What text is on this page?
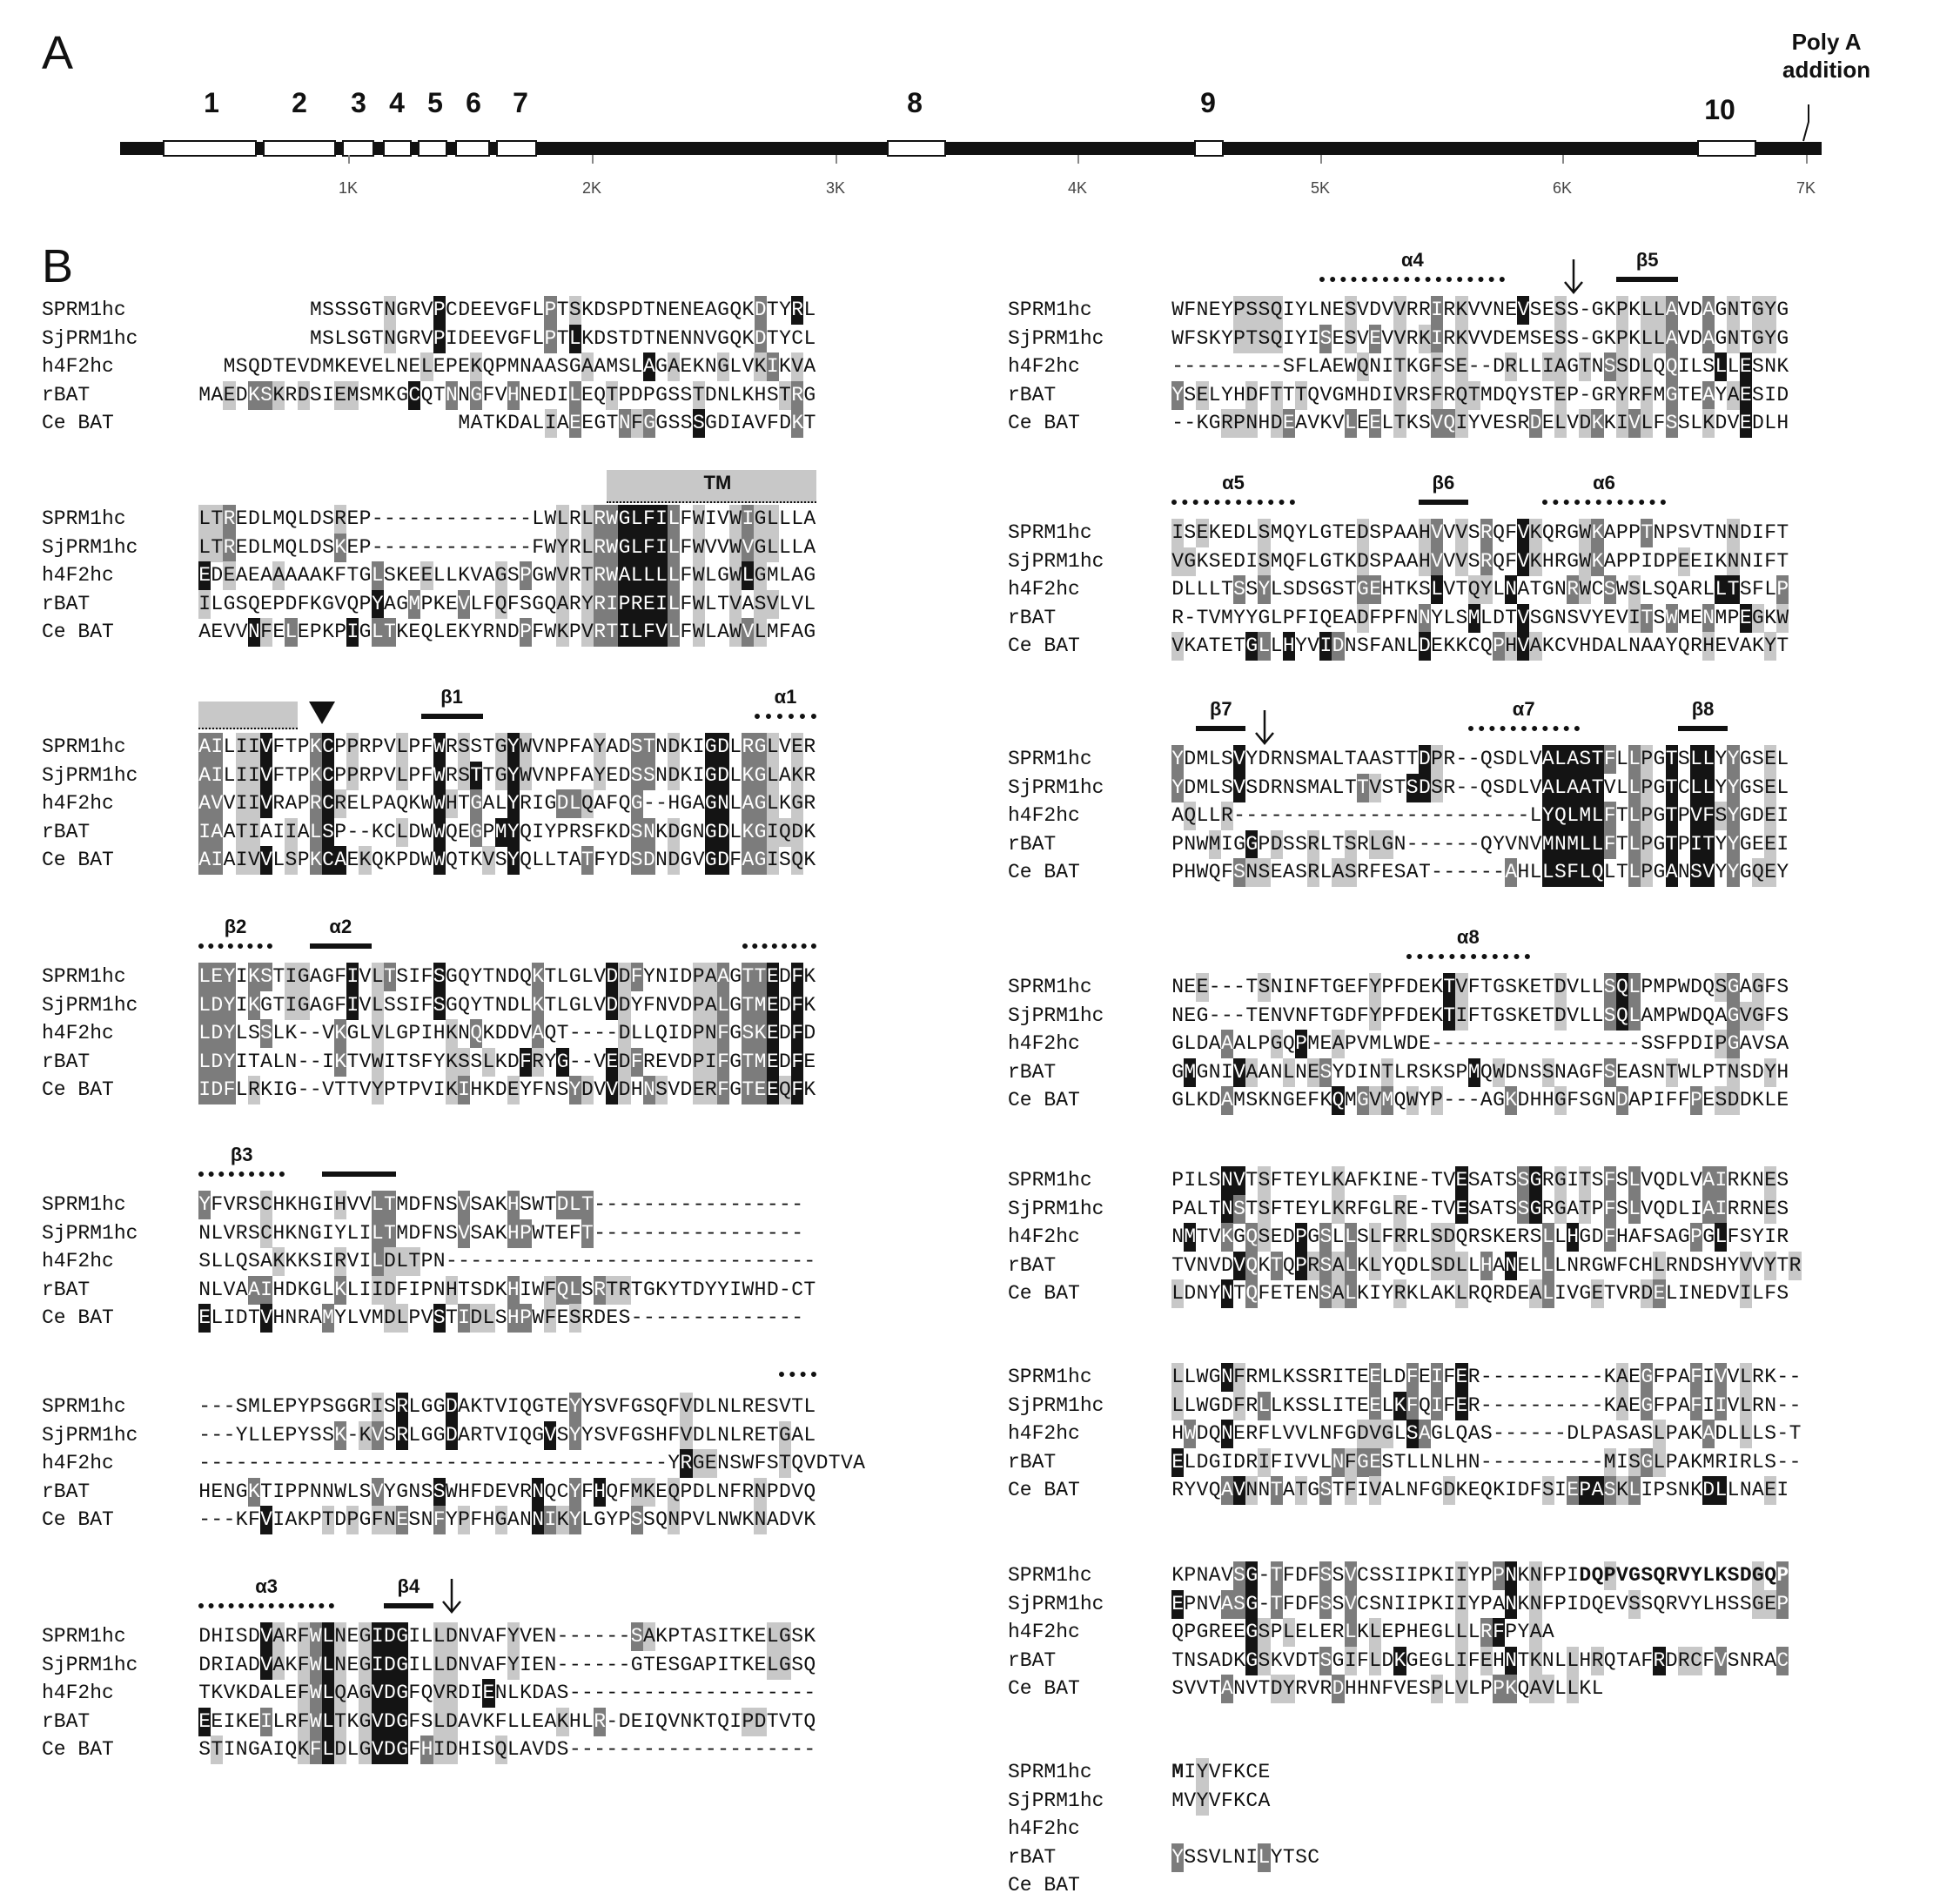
A
1	2 3 4 5 6 7	8	9	10
1K	2K	3K	4K	5K	6K	7K
Poly A
addition
B
SPRM1hc	M S S S G T N G R V P C D E E V G F L P T S K D S P D T N E N E A G Q K D T Y R L
SjPRM1hc	M S L S G T N G R V P I D E E V G F L P T L K D S T D T N E N N V G Q K D T Y C L
h4F2hc	M S Q D T E V D M K E V E L N E L E P E K Q P M N A A S G A A M S L A G A E K N G L V K I K V A
rBAT	M A E D K S K R D S I E M S M K G C Q T N N G F V H N E D I L E Q T P D P G S S T D N L K H S T R G
Ce BAT	M A T K D A L I A E E G T N F G G S S S G D I A V F D K T
SPRM1hc	L T R E D L M Q L D S R E P - - - - - - - - - - - - - L W L R L R W G L F I L F W I V W I G L L L A
SjPRM1hc	L T R E D L M Q L D S K E P - - - - - - - - - - - - - F W Y R L R W G L F I L F W V V W V G L L L A
h4F2hc	E D E A E A A A A A K F T G L S K E E L L K V A G S P G W V R T R W A L L L L F W L G W L G M L A G
rBAT	I L G S Q E P D F K G V Q P Y A G M P K E V L F Q F S G Q A R Y R I P R E I L F W L T V A S V L V L
Ce BAT	A E V V N F E L E P K P I G L T K E Q L E K Y R N D P F W K P V R T I L F V L F W L A W V L M F A G
TM
SPRM1hc	A I L I I V F T P K C P P R P V L P F W R S S T G Y W V N P F A Y A D S T N D K I G D L R G L V E R
SjPRM1hc	A I L I I V F T P K C P P R P V L P F W R S T T G Y W V N P F A Y E D S S N D K I G D L K G L A K R
h4F2hc	A V V I I V R A P R C R E L P A Q K W W H T G A L Y R I G D L Q A F Q G - - H G A G N L A G L K G R
rBAT	I A A T I A I I A L S P - - K C L D W W Q E G P M Y Q I Y P R S F K D S N K D G N G D L K G I Q D K
Ce BAT	A I A I V V L S P K C A E K Q K P D W W Q T K V S Y Q L L T A T F Y D S D N D G V G D F A G I S Q K
β1	α1
SPRM1hc	L E Y I K S T I G A G F I V L T S I F S G Q Y T N D Q K T L G L V D D F Y N I D P A A G T T E D F K
SjPRM1hc	L D Y I K G T I G A G F I V L S S I F S G Q Y T N D L K T L G L V D D Y F N V D P A L G T M E D F K
h4F2hc	L D Y L S S L K - - V K G L V L G P I H K N Q K D D V A Q T - - - - D L L Q I D P N F G S K E D F D
rBAT	L D Y I T A L N - - I K T V W I T S F Y K S S L K D F R Y G - - V E D F R E V D P I F G T M E D F E
Ce BAT	I D F L R K I G - - V T T V Y P T P V I K I H K D E Y F N S Y D V V D H N S V D E R F G T E E Q F K
β2	α2
SPRM1hc	Y F V R S C H K H G I H V V L T M D F N S V S A K H S W T D L T - - - - - - - - - - - - - - - - -
SjPRM1hc	N L V R S C H K N G I Y L I L T M D F N S V S A K H P W T E F T - - - - - - - - - - - - - - - - -
h4F2hc	S L L Q S A K K K S I R V I L D L T P N - - - - - - - - - - - - - - - - - - - - - - - - - - - - - -
rBAT	N L V A A I H D K G L K L I I D F I P N H T S D K H I W F Q L S R T R T G K Y T D Y Y I W H D - C T
Ce BAT	E L I D T V H N R A M Y L V M D L P V S T I D L S H P W F E S R D E S - - - - - - - - - - - - - -
β3
SPRM1hc	- - - S M L E P Y P S G G R I S R L G G D A K T V I Q G T E Y Y S V F G S Q F V D L N L R E S V T L
SjPRM1hc	- - - Y L L E P Y S S K - K V S R L G G D A R T V I Q G V S Y Y S V F G S H F V D L N L R E T G A L
h4F2hc	- - - - - - - - - - - - - - - - - - - - - - - - - - - - - - - - - - - - - - Y R G E N S W F S T Q V D T V A
rBAT	H E N G K T I P P N N W L S V Y G N S S W H F D E V R N Q C Y F H Q F M K E Q P D L N F R N P D V Q
Ce BAT	- - - K F V I A K P T D P G F N E S N F Y P F H G A N N I K Y L G Y P S S Q N P V L N W K N A D V K
SPRM1hc	D H I S D V A R F W L N E G I D G I L L D N V A F Y V E N - - - - - - S A K P T A S I T K E L G S K
SjPRM1hc	D R I A D V A K F W L N E G I D G I L L D N V A F Y I E N - - - - - - G T E S G A P I T K E L G S Q
h4F2hc	T K V K D A L E F W L Q A G V D G F Q V R D I E N L K D A S - - - - - - - - - - - - - - - - - - - -
rBAT	E E I K E I L R F W L T K G V D G F S L D A V K F L L E A K H L R - D E I Q V N K T Q I P D T V T Q
Ce BAT	S T I N G A I Q K F L D L G V D G F H I D H I S Q L A V D S - - - - - - - - - - - - - - - - - - - -
α3	β4
SPRM1hc	W F N E Y P S S Q I Y L N E S V D V V R R I R K V V N E V S E S S - G K P K L L A V D A G N T G Y G
SjPRM1hc	W F S K Y P T S Q I Y I S E S V E V V R K I R K V V D E M S E S S - G K P K L L A V D A G N T G Y G
h4F2hc	- - - - - - - - - S F L A E W Q N I T K G F S E - - D R L L I A G T N S S D L Q Q I L S L L E S N K
rBAT	Y S E L Y H D F T T T Q V G M H D I V R S F R Q T M D Q Y S T E P - G R Y R F M G T E A Y A E S I D
Ce BAT	- - K G R P N H D E A V K V L E E L T K S V Q I Y V E S R D E L V D K K I V L F S S L K D V E D L H
α4	β5
SPRM1hc	I S E K E D L S M Q Y L G T E D S P A A H V V V S R Q F V K Q R G W K A P P T N P S V T N N D I F T
SjPRM1hc	V G K S E D I S M Q F L G T K D S P A A H V V V S R Q F V K H R G W K A P P I D P E E I K N N I F T
h4F2hc	D L L L T S S Y L S D S G S T G E H T K S L V T Q Y L N A T G N R W C S W S L S Q A R L L T S F L P
rBAT	R - T V M Y Y G L P F I Q E A D F P F N N Y L S M L D T V S G N S V Y E V I T S W M E N M P E G K W
Ce BAT	V K A T E T G L L H Y V I D N S F A N L D E K K C Q P H V A K C V H D A L N A A Y Q R H E V A K Y T
α5	β6	α6
SPRM1hc	Y D M L S V Y D R N S M A L T A A S T T D P R - - Q S D L V A L A S T F L L P G T S L L Y Y G S E L
SjPRM1hc	Y D M L S V S D R N S M A L T T V S T S D S R - - Q S D L V A L A A T V L L P G T C L L Y Y G S E L
h4F2hc	A Q L L R - - - - - - - - - - - - - - - - - - - - - - - - L Y Q L M L F T L P G T P V F S Y G D E I
rBAT	P N W M I G G P D S S R L T S R L G N - - - - - - Q Y V N V M N M L L F T L P G T P I T Y Y G E E I
Ce BAT	P H W Q F S N S E A S R L A S R F E S A T - - - - - - A H L L S F L Q L T L P G A N S V Y Y G Q E Y
β7	α7	β8
SPRM1hc	N E E - - - T S N I N F T G E F Y P F D E K T V F T G S K E T D V L L S Q L P M P W D Q S G A G F S
SjPRM1hc	N E G - - - T E N V N F T G D F Y P F D E K T I F T G S K E T D V L L S Q L A M P W D Q A G V G F S
h4F2hc	G L D A A A L P G Q P M E A P V M L W D E - - - - - - - - - - - - - - - - - S S F P D I P G A V S A
rBAT	G M G N I V A A N L N E S Y D I N T L R S K S P M Q W D N S S N A G F S E A S N T W L P T N S D Y H
Ce BAT	G L K D A M S K N G E F K Q M G V M Q W Y P - - - A G K D H H G F S G N D A P I F F P E S D D K L E
α8
SPRM1hc	P I L S N V T S F T E Y L K A F K I N E - T V E S A T S S G R G I T S F S L V Q D L V A I R K N E S
SjPRM1hc	P A L T N S T S F T E Y L K R F G L R E - T V E S A T S S G R G A T P F S L V Q D L I A I R R N E S
h4F2hc	N M T V K G Q S E D P G S L L S L F R R L S D Q R S K E R S L L H G D F H A F S A G P G L F S Y I R
rBAT	T V N V D V Q K T Q P R S A L K L Y Q D L S D L L H A N E L L L N R G W F C H L R N D S H Y V V Y T R
Ce BAT	L D N Y N T Q F E T E N S A L K I Y R K L A K L R Q R D E A L I V G E T V R D E L I N E D V I L F S
SPRM1hc	L L W G N F R M L K S S R I T E E L D F E I F E R - - - - - - - - - - K A E G F P A F I V V L R K - -
SjPRM1hc	L L W G D F R L L K S S L I T E E L K F Q I F E R - - - - - - - - - - K A E G F P A F I I V L R N - -
h4F2hc	H W D Q N E R F L V V L N F G D V G L S A G L Q A S - - - - - - D L P A S A S L P A K A D L L L S - T
rBAT	E L D G I D R I F I V V L N F G E S T L L N L H N - - - - - - - - - - M I S G L P A K M R I R L S - -
Ce BAT	R Y V Q A V N N T A T G S T F I V A L N F G D K E Q K I D F S I E P A S K L I P S N K D L L N A E I
SPRM1hc	K P N A V S G - T F D F S S V C S S I I P K I I Y P P N K N F P I D Q P V G S Q R V Y L K S D G Q P
SjPRM1hc	E P N V A S G - T F D F S S V C S N I I P K I I Y P A N K N F P I D Q E V S S Q R V Y L H S S G E P
h4F2hc	Q P G R E E G S P L E L E R L K L E P H E G L L L R F P Y A A
rBAT	T N S A D K G S K V D T S G I F L D K G E G L I F E H N T K N L L H R Q T A F R D R C F V S N R A C
Ce BAT	S V V T A N V T D Y R V R D H H N F V E S P L V L P P K Q A V L L K L
SPRM1hc	M I Y V F K C E
SjPRM1hc	M V Y V F K C A
h4F2hc
rBAT	Y S S V L N I L Y T S C
Ce BAT
